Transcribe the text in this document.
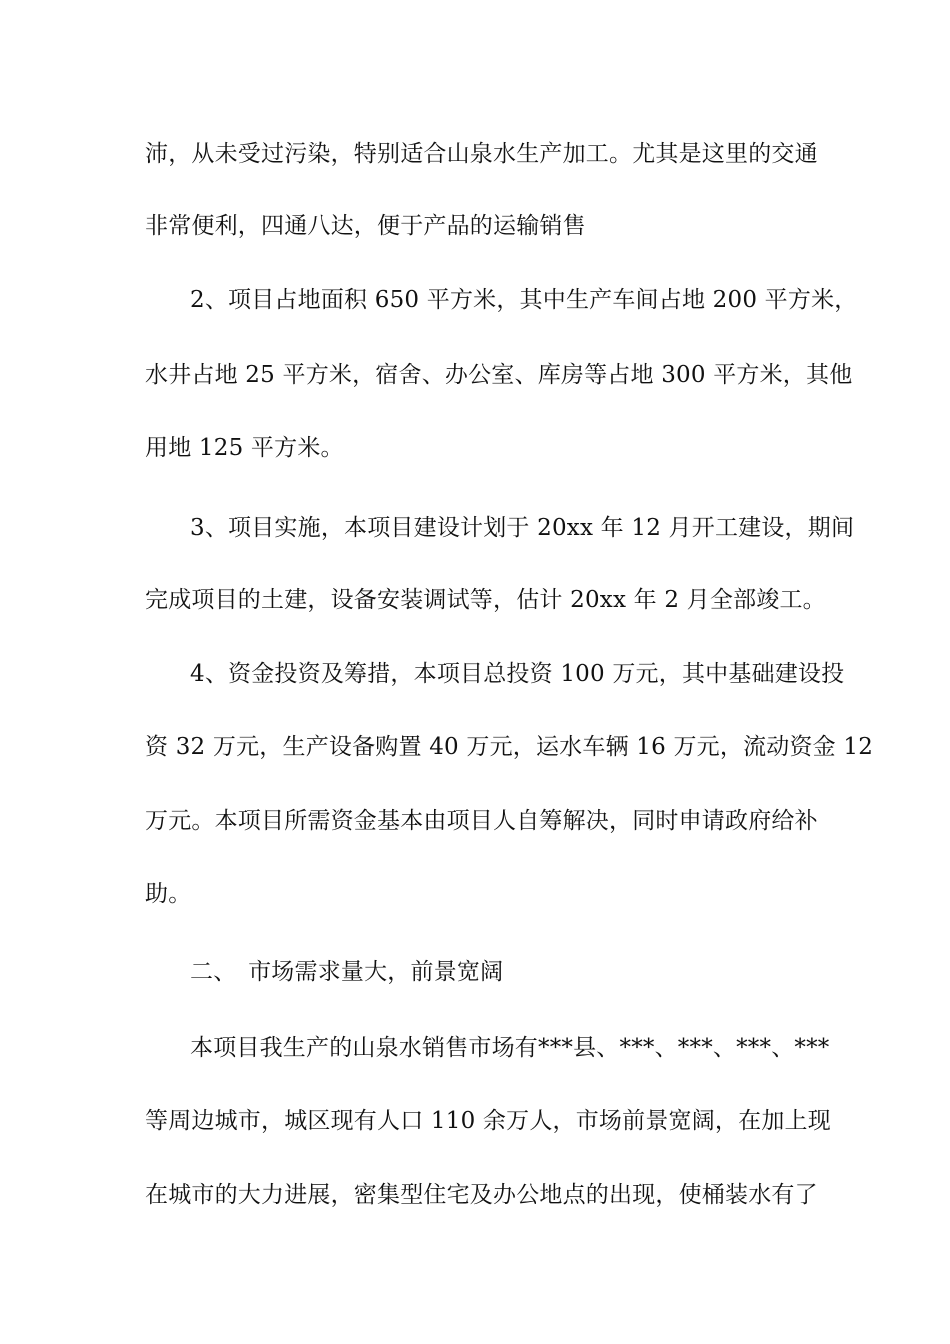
沛，从未受过污染，特别适合山泉水生产加工。尤其是这里的交通
非常便利，四通八达，便于产品的运输销售
2、项目占地面积 650 平方米，其中生产车间占地 200 平方米，
水井占地 25 平方米，宿舍、办公室、库房等占地 300 平方米，其他
用地 125 平方米。
3、项目实施，本项目建设计划于 20xx 年 12 月开工建设，期间
完成项目的土建，设备安装调试等，估计 20xx 年 2 月全部竣工。
4、资金投资及筹措，本项目总投资 100 万元，其中基础建设投
资 32 万元，生产设备购置 40 万元，运水车辆 16 万元，流动资金 12
万元。本项目所需资金基本由项目人自筹解决，同时申请政府给补
助。
二、　市场需求量大，前景宽阔
本项目我生产的山泉水销售市场有***县、***、***、***、***
等周边城市，城区现有人口 110 余万人，市场前景宽阔，在加上现
在城市的大力进展，密集型住宅及办公地点的出现，使桶装水有了
